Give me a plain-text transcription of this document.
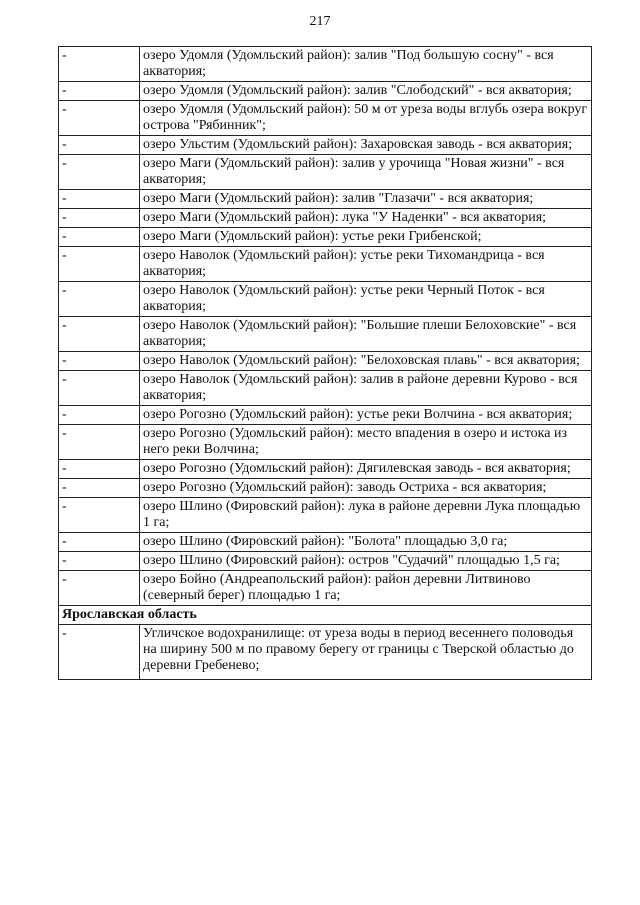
217
-	озеро Удомля (Удомльский район): залив "Под большую сосну" - вся акватория;
-	озеро Удомля (Удомльский район): залив "Слободский" - вся акватория;
-	озеро Удомля (Удомльский район): 50 м от уреза воды вглубь озера вокруг острова "Рябинник";
-	озеро Ульстим (Удомльский район): Захаровская заводь - вся акватория;
-	озеро Маги (Удомльский район): залив у урочища "Новая жизни" - вся акватория;
-	озеро Маги (Удомльский район): залив "Глазачи" - вся акватория;
-	озеро Маги (Удомльский район): лука "У Наденки" - вся акватория;
-	озеро Маги (Удомльский район): устье реки Грибенской;
-	озеро Наволок (Удомльский район): устье реки Тихомандрица - вся акватория;
-	озеро Наволок (Удомльский район): устье реки Черный Поток - вся акватория;
-	озеро Наволок (Удомльский район): "Большие плеши Белоховские" - вся акватория;
-	озеро Наволок (Удомльский район): "Белоховская плавь" - вся акватория;
-	озеро Наволок (Удомльский район): залив в районе деревни Курово - вся акватория;
-	озеро Рогозно (Удомльский район): устье реки Волчина - вся акватория;
-	озеро Рогозно (Удомльский район): место впадения в озеро и истока из него реки Волчина;
-	озеро Рогозно (Удомльский район): Дягилевская заводь - вся акватория;
-	озеро Рогозно (Удомльский район): заводь Остриха - вся акватория;
-	озеро Шлино (Фировский район): лука в районе деревни Лука площадью 1 га;
-	озеро Шлино (Фировский район): "Болота" площадью 3,0 га;
-	озеро Шлино (Фировский район): остров "Судачий" площадью 1,5 га;
-	озеро Бойно (Андреапольский район): район деревни Литвиново (северный берег) площадью 1 га;
Ярославская область	
-	Угличское водохранилище: от уреза воды в период весеннего половодья на ширину 500 м по правому берегу от границы с Тверской областью до деревни Гребенево;
